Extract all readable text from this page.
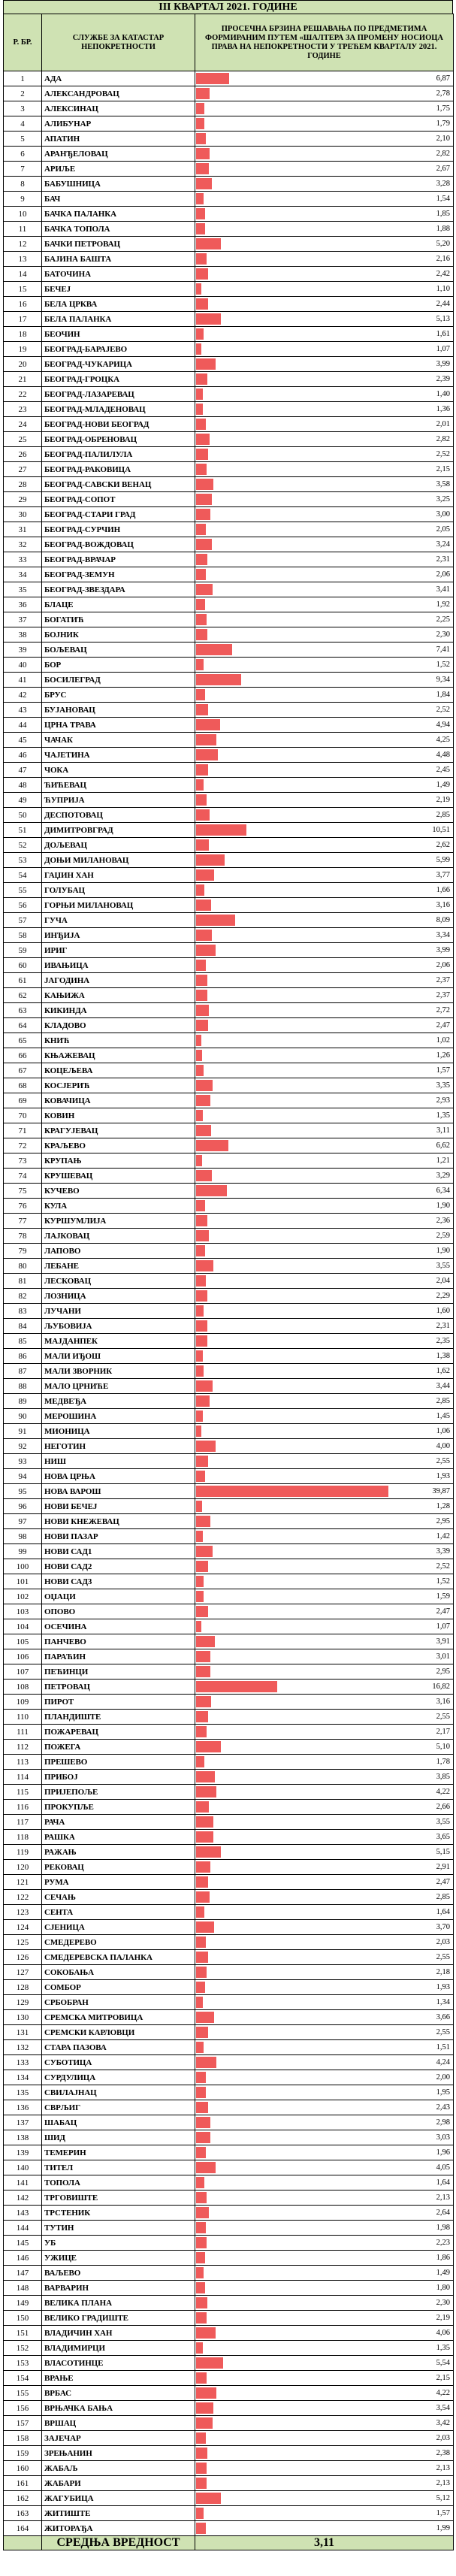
III КВАРТАЛ 2021. ГОДИНЕ
Р. БР.	СЛУЖБЕ ЗА КАТАСТАР НЕПОКРЕТНОСТИ	ПРОСЕЧНА БРЗИНА РЕШАВАЊА ПО ПРЕДМЕТИМА ФОРМИРАНИМ ПУТЕМ «ШАЛТЕРА ЗА ПРОМЕНУ НОСИОЦА ПРАВА НА НЕПОКРЕТНОСТИ У ТРЕЋЕМ КВАРТАЛУ 2021. ГОДИНЕ
1	АДА	6,87

2	АЛЕКСАНДРОВАЦ	2,78

3	АЛЕКСИНАЦ	1,75

4	АЛИБУНАР	1,79

5	АПАТИН	2,10

6	АРАНЂЕЛОВАЦ	2,82

7	АРИЉЕ	2,67

8	БАБУШНИЦА	3,28

9	БАЧ	1,54

10	БАЧКА ПАЛАНКА	1,85

11	БАЧКА ТОПОЛА	1,88

12	БАЧКИ ПЕТРОВАЦ	5,20

13	БАЈИНА БАШТА	2,16

14	БАТОЧИНА	2,42

15	БЕЧЕЈ	1,10

16	БЕЛА ЦРКВА	2,44

17	БЕЛА ПАЛАНКА	5,13

18	БЕОЧИН	1,61

19	БЕОГРАД-БАРАЈЕВО	1,07

20	БЕОГРАД-ЧУКАРИЦА	3,99

21	БЕОГРАД-ГРОЦКА	2,39

22	БЕОГРАД-ЛАЗАРЕВАЦ	1,40

23	БЕОГРАД-МЛАДЕНОВАЦ	1,36

24	БЕОГРАД-НОВИ БЕОГРАД	2,01

25	БЕОГРАД-ОБРЕНОВАЦ	2,82

26	БЕОГРАД-ПАЛИЛУЛА	2,52

27	БЕОГРАД-РАКОВИЦА	2,15

28	БЕОГРАД-САВСКИ ВЕНАЦ	3,58

29	БЕОГРАД-СОПОТ	3,25

30	БЕОГРАД-СТАРИ ГРАД	3,00

31	БЕОГРАД-СУРЧИН	2,05

32	БЕОГРАД-ВОЖДОВАЦ	3,24

33	БЕОГРАД-ВРАЧАР	2,31

34	БЕОГРАД-ЗЕМУН	2,06

35	БЕОГРАД-ЗВЕЗДАРА	3,41

36	БЛАЦЕ	1,92

37	БОГАТИЋ	2,25

38	БОЈНИК	2,30

39	БОЉЕВАЦ	7,41

40	БОР	1,52

41	БОСИЛЕГРАД	9,34

42	БРУС	1,84

43	БУЈАНОВАЦ	2,52

44	ЦРНА ТРАВА	4,94

45	ЧАЧАК	4,25

46	ЧАЈЕТИНА	4,48

47	ЧОКА	2,45

48	ЋИЋЕВАЦ	1,49

49	ЋУПРИЈА	2,19

50	ДЕСПОТОВАЦ	2,85

51	ДИМИТРОВГРАД	10,51

52	ДОЉЕВАЦ	2,62

53	ДОЊИ МИЛАНОВАЦ	5,99

54	ГАЏИН ХАН	3,77

55	ГОЛУБАЦ	1,66

56	ГОРЊИ МИЛАНОВАЦ	3,16

57	ГУЧА	8,09

58	ИНЂИЈА	3,34

59	ИРИГ	3,99

60	ИВАЊИЦА	2,06

61	ЈАГОДИНА	2,37

62	КАЊИЖА	2,37

63	КИКИНДА	2,72

64	КЛАДОВО	2,47

65	КНИЋ	1,02

66	КЊАЖЕВАЦ	1,26

67	КОЦЕЉЕВА	1,57

68	КОСЈЕРИЋ	3,35

69	КОВАЧИЦА	2,93

70	КОВИН	1,35

71	КРАГУЈЕВАЦ	3,11

72	КРАЉЕВО	6,62

73	КРУПАЊ	1,21

74	КРУШЕВАЦ	3,29

75	КУЧЕВО	6,34

76	КУЛА	1,90

77	КУРШУМЛИЈА	2,36

78	ЛАЈКОВАЦ	2,59

79	ЛАПОВО	1,90

80	ЛЕБАНЕ	3,55

81	ЛЕСКОВАЦ	2,04

82	ЛОЗНИЦА	2,29

83	ЛУЧАНИ	1,60

84	ЉУБОВИЈА	2,31

85	МАЈДАНПЕК	2,35

86	МАЛИ ИЂОШ	1,38

87	МАЛИ ЗВОРНИК	1,62

88	МАЛО ЦРНИЋЕ	3,44

89	МЕДВЕЂА	2,85

90	МЕРОШИНА	1,45

91	МИОНИЦА	1,06

92	НЕГОТИН	4,00

93	НИШ	2,55

94	НОВА ЦРЊА	1,93

95	НОВА ВАРОШ	39,87

96	НОВИ БЕЧЕЈ	1,28

97	НОВИ КНЕЖЕВАЦ	2,95

98	НОВИ ПАЗАР	1,42

99	НОВИ САД1	3,39

100	НОВИ САД2	2,52

101	НОВИ САД3	1,52

102	ОЏАЦИ	1,59

103	ОПОВО	2,47

104	ОСЕЧИНА	1,07

105	ПАНЧЕВО	3,91

106	ПАРАЋИН	3,01

107	ПЕЋИНЦИ	2,95

108	ПЕТРОВАЦ	16,82

109	ПИРОТ	3,16

110	ПЛАНДИШТЕ	2,55

111	ПОЖАРЕВАЦ	2,17

112	ПОЖЕГА	5,10

113	ПРЕШЕВО	1,78

114	ПРИБОЈ	3,85

115	ПРИЈЕПОЉЕ	4,22

116	ПРОКУПЉЕ	2,66

117	РАЧА	3,55

118	РАШКА	3,65

119	РАЖАЊ	5,15

120	РЕКОВАЦ	2,91

121	РУМА	2,47

122	СЕЧАЊ	2,85

123	СЕНТА	1,64

124	СЈЕНИЦА	3,70

125	СМЕДЕРЕВО	2,03

126	СМЕДЕРЕВСКА ПАЛАНКА	2,55

127	СОКОБАЊА	2,18

128	СОМБОР	1,93

129	СРБОБРАН	1,34

130	СРЕМСКА МИТРОВИЦА	3,66

131	СРЕМСКИ КАРЛОВЦИ	2,55

132	СТАРА ПАЗОВА	1,51

133	СУБОТИЦА	4,24

134	СУРДУЛИЦА	2,00

135	СВИЛАЈНАЦ	1,95

136	СВРЉИГ	2,43

137	ШАБАЦ	2,98

138	ШИД	3,03

139	ТЕМЕРИН	1,96

140	ТИТЕЛ	4,05

141	ТОПОЛА	1,64

142	ТРГОВИШТЕ	2,13

143	ТРСТЕНИК	2,64

144	ТУТИН	1,98

145	УБ	2,23

146	УЖИЦЕ	1,86

147	ВАЉЕВО	1,49

148	ВАРВАРИН	1,80

149	ВЕЛИКА ПЛАНА	2,30

150	ВЕЛИКО ГРАДИШТЕ	2,19

151	ВЛАДИЧИН ХАН	4,06

152	ВЛАДИМИРЦИ	1,35

153	ВЛАСОТИНЦЕ	5,54

154	ВРАЊЕ	2,15

155	ВРБАС	4,22

156	ВРЊАЧКА БАЊА	3,54

157	ВРШАЦ	3,42

158	ЗАЈЕЧАР	2,03

159	ЗРЕЊАНИН	2,38

160	ЖАБАЉ	2,13

161	ЖАБАРИ	2,13

162	ЖАГУБИЦА	5,12

163	ЖИТИШТЕ	1,57

164	ЖИТОРАЂА	1,99

	СРЕДЊА ВРЕДНОСТ	3,11
